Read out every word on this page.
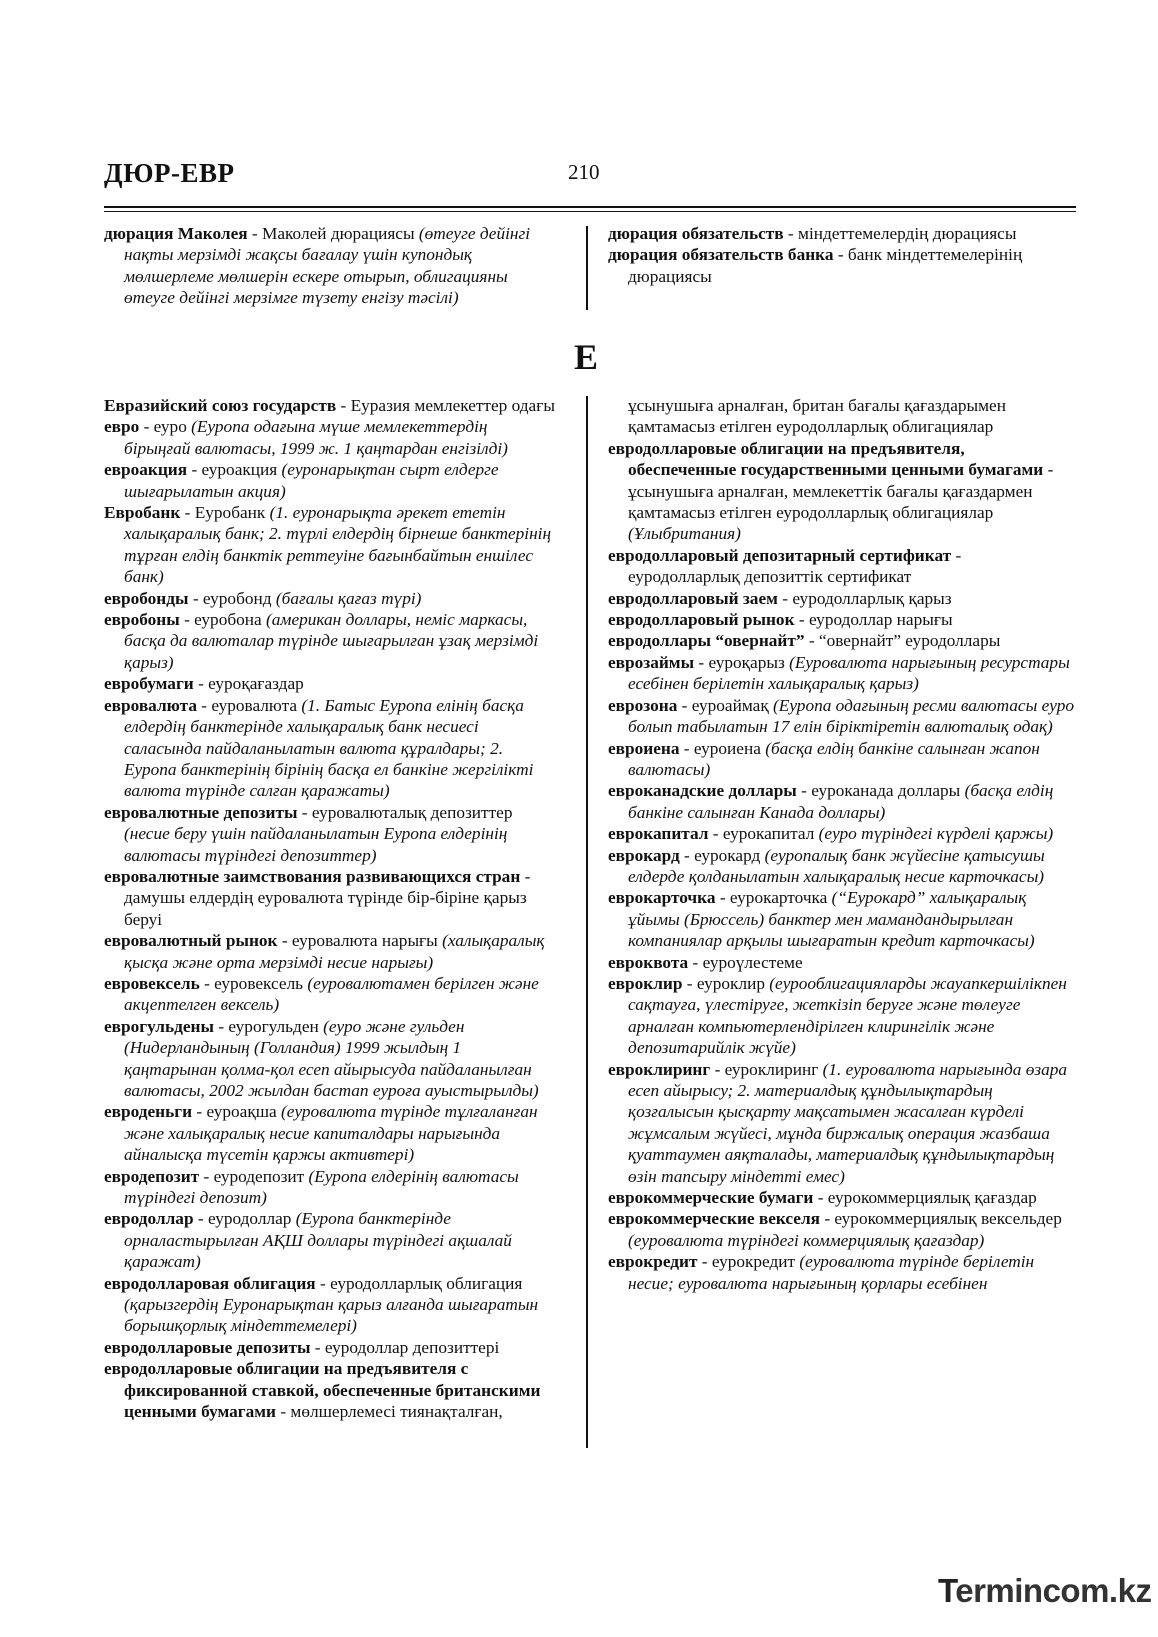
ДЮР-ЕВР	210

дюрация Маколея - Маколей дюрациясы (өтеуге дейінгі нақты мерзімді жақсы бағалау үшін купондық мөлшерлеме мөлшерін ескере отырып, облигацияны өтеуге дейінгі мерзімге түзету енгізу тәсілі)

дюрация обязательств - міндеттемелердің дюрациясы

дюрация обязательств банка - банк міндеттемелерінің дюрациясы

Е

Евразийский союз государств - Еуразия мемлекеттер одағы

евро - еуро (Еуропа одағына мүше мемлекеттердің бірыңғай валютасы, 1999 ж. 1 қаңтардан енгізілді)

евроакция - еуроакция (еуронарықтан сырт елдерге шығарылатын акция)

Евробанк - Еуробанк (1. еуронарықта әрекет ететін халықаралық банк; 2. түрлі елдердің бірнеше банктерінің тұрған елдің банктік реттеуіне бағынбайтын еншілес банк)

евробонды - еуробонд (бағалы қағаз түрі)

евробоны - еуробона (американ доллары, неміс маркасы, басқа да валюталар түрінде шығарылған ұзақ мерзімді қарыз)

евробумаги - еуроқағаздар

евровалюта - еуровалюта (1. Батыс Еуропа елінің басқа елдердің банктерінде халықаралық банк несиесі саласында пайдаланылатын валюта құралдары; 2. Еуропа банктерінің бірінің басқа ел банкіне жергілікті валюта түрінде салған қаражаты)

евровалютные депозиты - еуровалюталық депозиттер (несие беру үшін пайдаланылатын Еуропа елдерінің валютасы түріндегі депозиттер)

евровалютные заимствования развивающихся стран - дамушы елдердің еуровалюта түрінде бір-біріне қарыз беруі

евровалютный рынок - еуровалюта нарығы (халықаралық қысқа және орта мерзімді несие нарығы)

евровексель - еуровексель (еуровалютамен берілген және акцептелген вексель)

еврогульдены - еурогульден (еуро және гульден (Нидерландының (Голландия) 1999 жылдың 1 қаңтарынан қолма-қол есеп айырысуда пайдаланылған валютасы, 2002 жылдан бастап еуроға ауыстырылды)

евроденьги - еуроақша (еуровалюта түрінде тұлғаланған және халықаралық несие капиталдары нарығында айналысқа түсетін қаржы активтері)

евродепозит - еуродепозит (Еуропа елдерінің валютасы түріндегі депозит)

евродоллар - еуродоллар (Еуропа банктерінде орналастырылған АҚШ доллары түріндегі ақшалай қаражат)

евродолларовая облигация - еуродолларлық облигация (қарызгердің Еуронарықтан қарыз алғанда шығаратын борышқорлық міндеттемелері)

евродолларовые депозиты - еуродоллар депозиттері

евродолларовые облигации на предъявителя с фиксированной ставкой, обеспеченные британскими ценными бумагами - мөлшерлемесі тиянақталған,

ұсынушыға арналған, британ бағалы қағаздарымен қамтамасыз етілген еуродолларлық облигациялар

евродолларовые облигации на предъявителя, обеспеченные государственными ценными бумагами - ұсынушыға арналған, мемлекеттік бағалы қағаздармен қамтамасыз етілген еуродолларлық облигациялар (Ұлыбритания)

евродолларовый депозитарный сертификат - еуродолларлық депозиттік сертификат

евродолларовый заем - еуродолларлық қарыз

евродолларовый рынок - еуродоллар нарығы

евродоллары “овернайт” - “овернайт” еуродоллары

еврозаймы - еуроқарыз (Еуровалюта нарығының ресурстары есебінен берілетін халықаралық қарыз)

еврозона - еуроаймақ (Еуропа одағының ресми валютасы еуро болып табылатын 17 елін біріктіретін валюталық одақ)

евроиена - еуроиена (басқа елдің банкіне салынған жапон валютасы)

евроканадские доллары - еуроканада доллары (басқа елдің банкіне салынған Канада доллары)

еврокапитал - еурокапитал (еуро түріндегі күрделі қаржы)

еврокард - еурокард (еуропалық банк жүйесіне қатысушы елдерде қолданылатын халықаралық несие карточкасы)

еврокарточка - еурокарточка (“Еурокард” халықаралық ұйымы (Брюссель) банктер мен мамандандырылған компаниялар арқылы шығаратын кредит карточкасы)

евроквота - еуроүлестеме

евроклир - еуроклир (еурооблигацияларды жауапкершілікпен сақтауға, үлестіруге, жеткізіп беруге және төлеуге арналған компьютерлендірілген клирингілік және депозитарийлік жүйе)

евроклиринг - еуроклиринг (1. еуровалюта нарығында өзара есеп айырысу; 2. материалдық құндылықтардың қозғалысын қысқарту мақсатымен жасалған күрделі жұмсалым жүйесі, мұнда биржалық операция жазбаша қуаттаумен аяқталады, материалдық құндылықтардың өзін тапсыру міндетті емес)

еврокоммерческие бумаги - еурокоммерциялық қағаздар

еврокоммерческие векселя - еурокоммерциялық вексельдер (еуровалюта түріндегі коммерциялық қағаздар)

еврокредит - еурокредит (еуровалюта түрінде берілетін несие; еуровалюта нарығының қорлары есебінен

Termincom.kz
